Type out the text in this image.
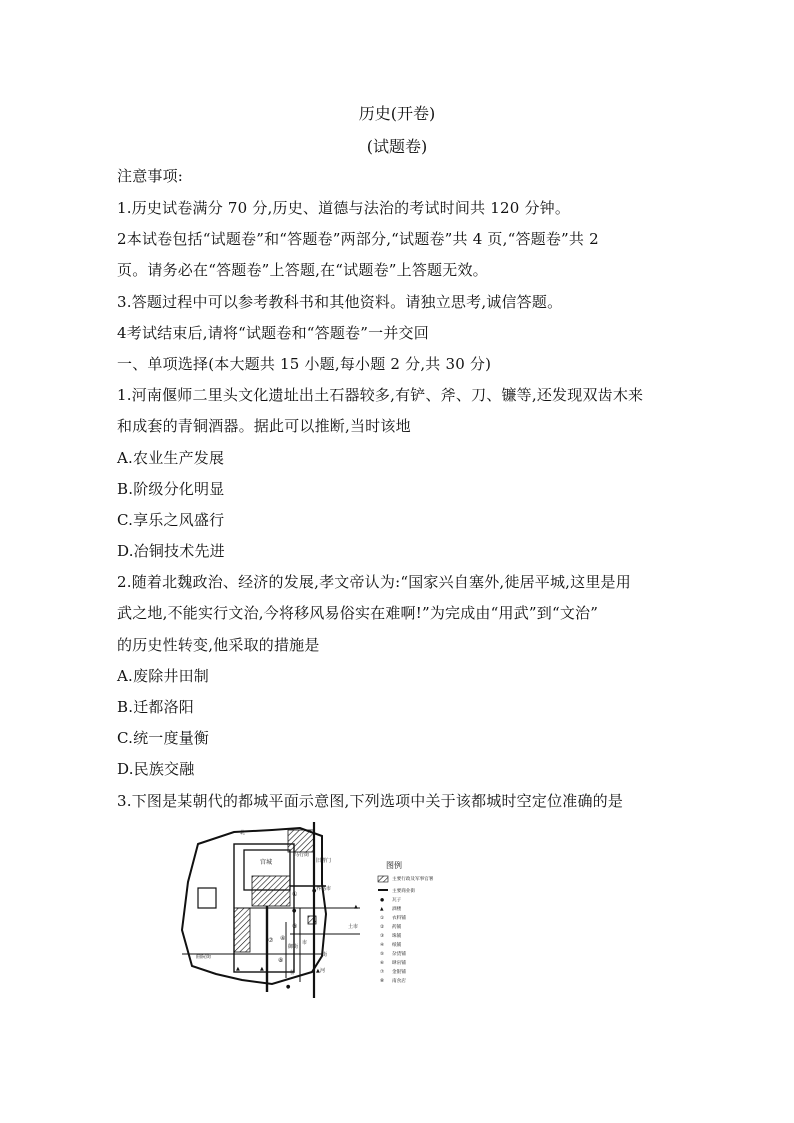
历史(开卷)
(试题卷)
注意事项:
1.历史试卷满分 70 分,历史、道德与法治的考试时间共 120 分钟。
2本试卷包括“试题卷”和“答题卷”两部分,“试题卷”共 4 页,“答题卷”共 2
页。请务必在“答题卷”上答题,在“试题卷”上答题无效。
3.答题过程中可以参考教科书和其他资料。请独立思考,诚信答题。
4考试结束后,请将“试题卷和“答题卷”一并交回
一、单项选择(本大题共 15 小题,每小题 2 分,共 30 分)
1.河南偃师二里头文化遗址出土石器较多,有铲、斧、刀、镰等,还发现双齿木来
和成套的青铜酒器。据此可以推断,当时该地
A.农业生产发展
B.阶级分化明显
C.享乐之风盛行
D.冶铜技术先进
2.随着北魏政治、经济的发展,孝文帝认为:“国家兴自塞外,徙居平城,这里是用
武之地,不能实行文治,今将移风易俗实在难啊!”为完成由“用武”到“文治”
的历史性转变,他采取的措施是
A.废除井田制
B.迁都洛阳
C.统一度量衡
D.民族交融
3.下图是某朝代的都城平面示意图,下列选项中关于该都城时空定位准确的是
宫城
马行街
旧曹门
界马市
土市
曲院街
市
御街
街
河
北
桥
①
③
④
⑦
⑧
●
●
●
▲	▲	▲
▲
图例
主要行政及军事官署
主要商业街
● 瓦子
▲ 酒楼
① 衣料铺
② 药铺
③ 珠铺
④ 纸铺
⑤ 杂货铺
⑥ 肆帛铺
⑦ 金银铺
⑧ 南食店
